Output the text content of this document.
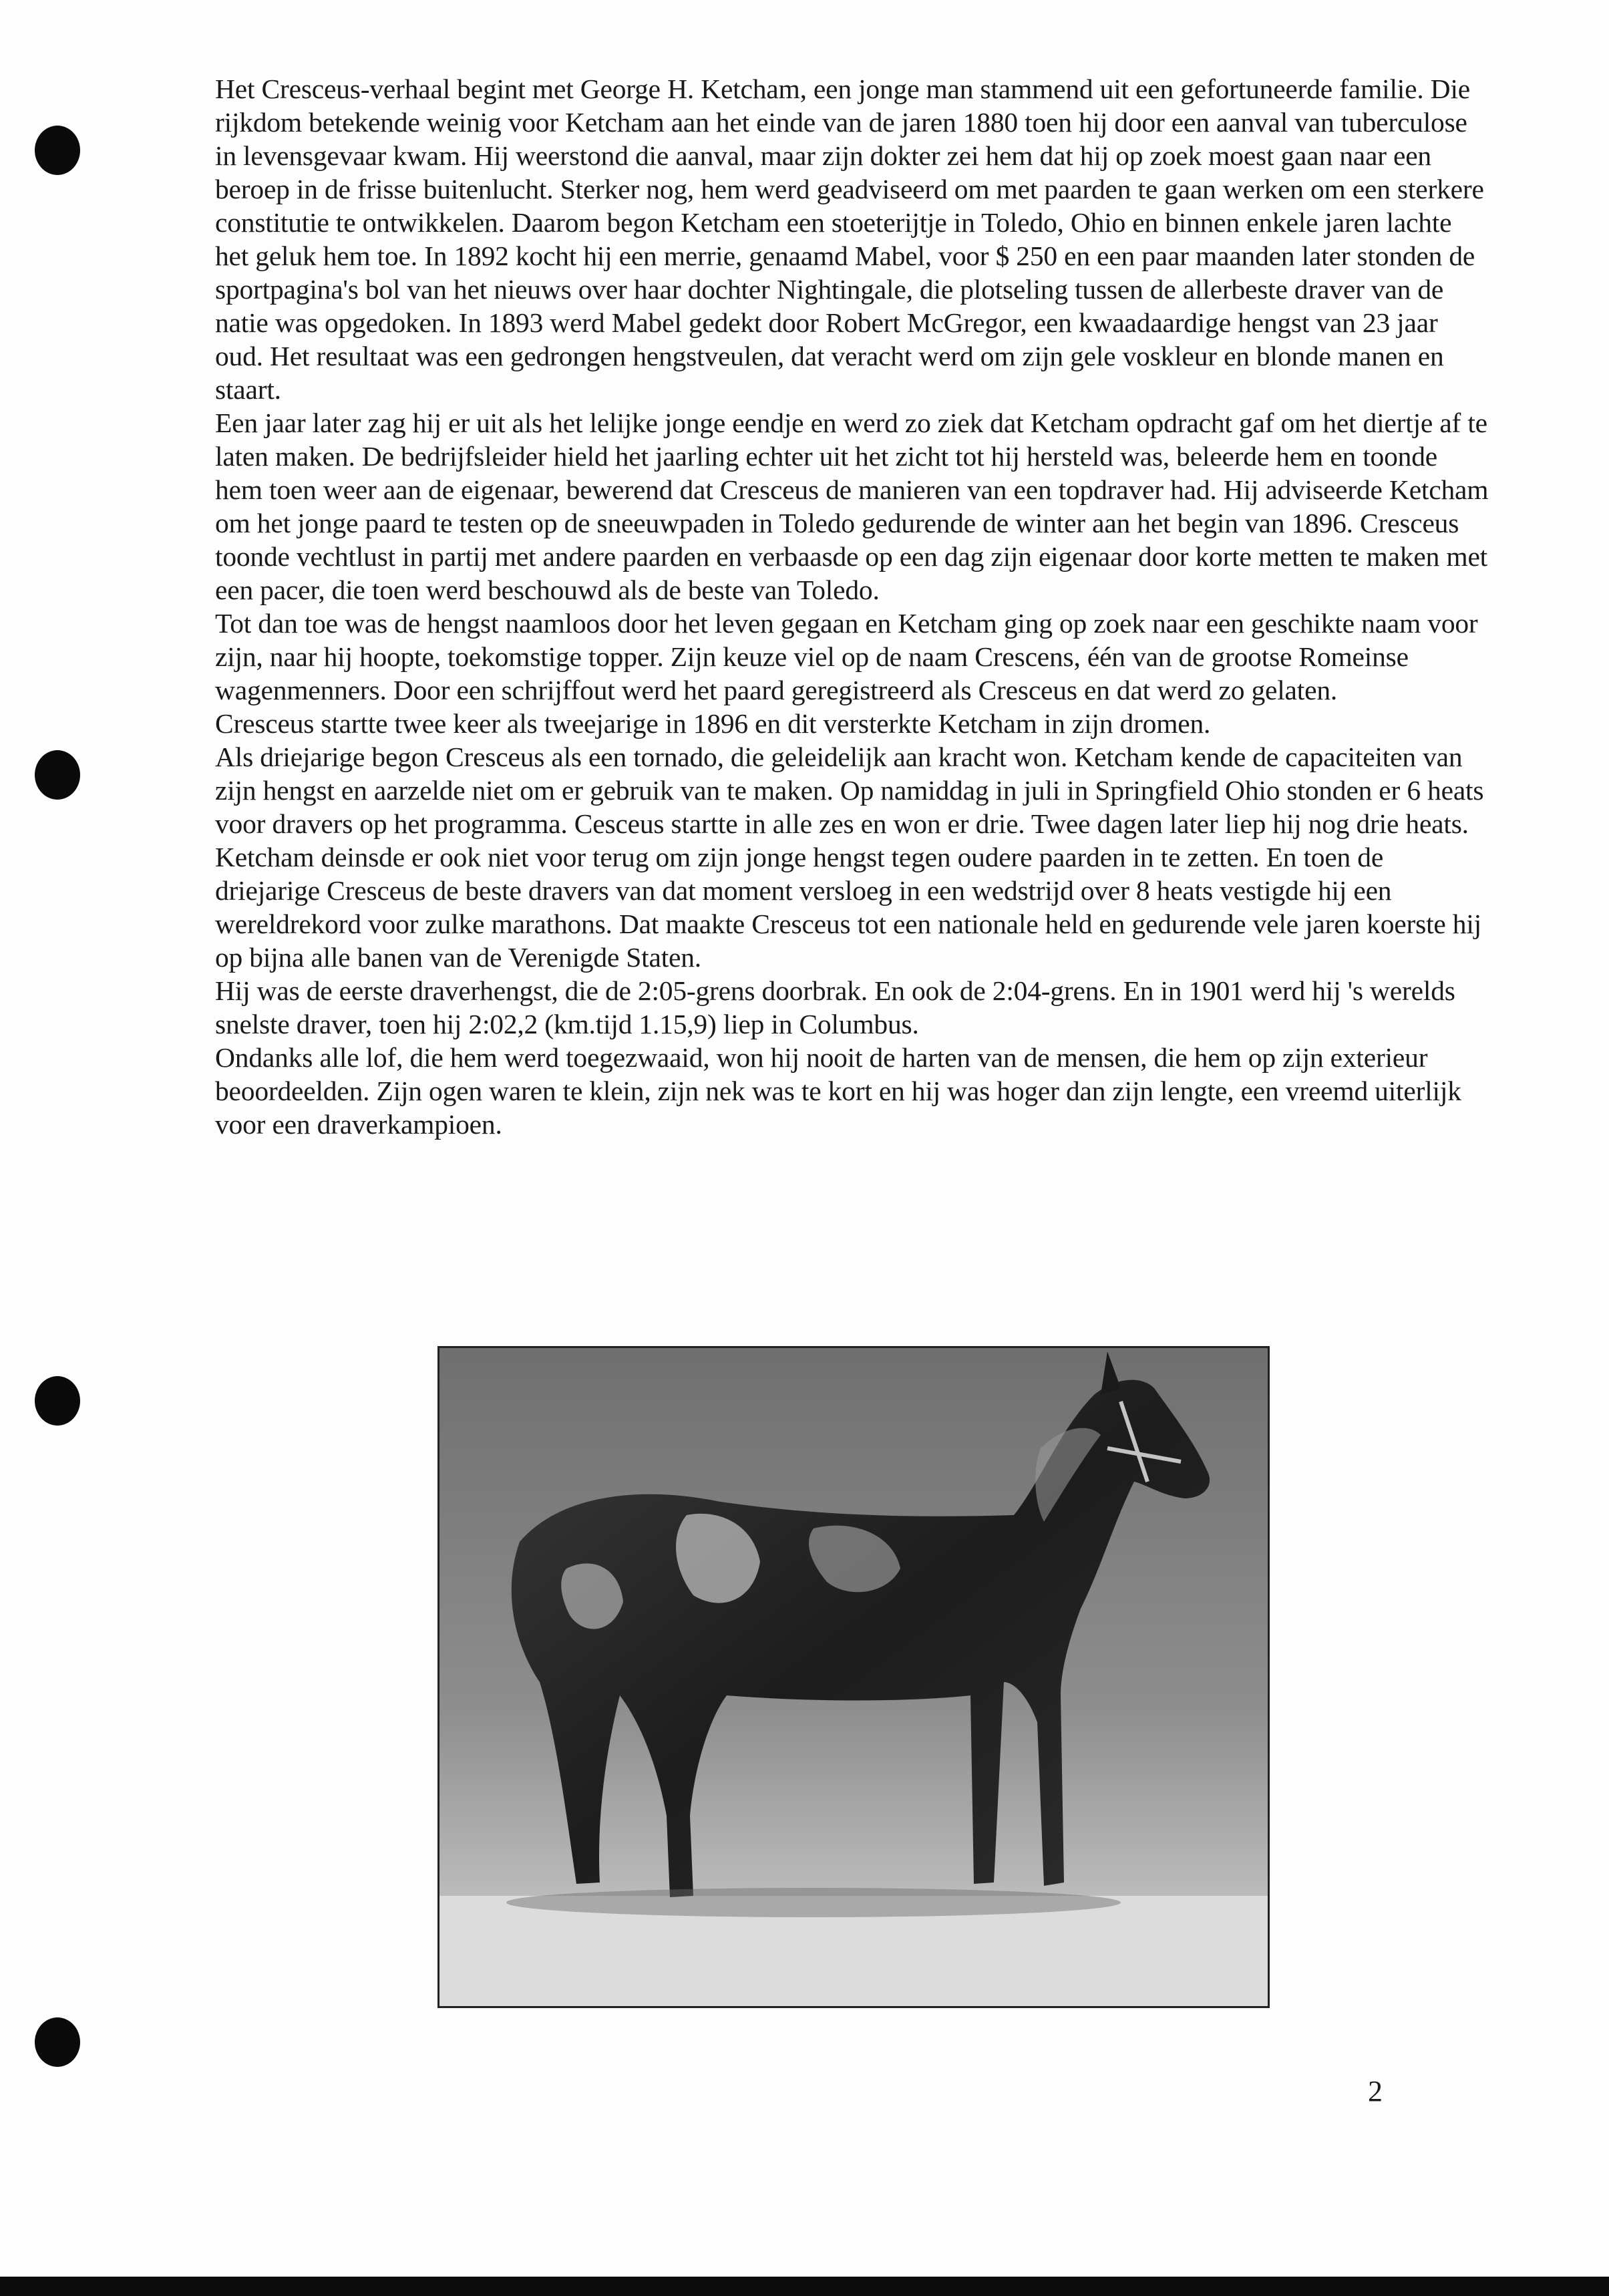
Het Cresceus-verhaal begint met George H. Ketcham, een jonge man stammend uit een gefortuneerde familie. Die rijkdom betekende weinig voor Ketcham aan het einde van de jaren 1880 toen hij door een aanval van tuberculose in levensgevaar kwam. Hij weerstond die aanval, maar zijn dokter zei hem dat hij op zoek moest gaan naar een beroep in de frisse buitenlucht. Sterker nog, hem werd geadviseerd om met paarden te gaan werken om een sterkere constitutie te ontwikkelen. Daarom begon Ketcham een stoeterijtje in Toledo, Ohio en binnen enkele jaren lachte het geluk hem toe. In 1892 kocht hij een merrie, genaamd Mabel, voor $ 250 en een paar maanden later stonden de sportpagina's bol van het nieuws over haar dochter Nightingale, die plotseling tussen de allerbeste draver van de natie was opgedoken. In 1893 werd Mabel gedekt door Robert McGregor, een kwaadaardige hengst van 23 jaar oud. Het resultaat was een gedrongen hengstveulen, dat veracht werd om zijn gele voskleur en blonde manen en staart.

Een jaar later zag hij er uit als het lelijke jonge eendje en werd zo ziek dat Ketcham opdracht gaf om het diertje af te laten maken. De bedrijfsleider hield het jaarling echter uit het zicht tot hij hersteld was, beleerde hem en toonde hem toen weer aan de eigenaar, bewerend dat Cresceus de manieren van een topdraver had. Hij adviseerde Ketcham om het jonge paard te testen op de sneeuwpaden in Toledo gedurende de winter aan het begin van 1896. Cresceus toonde vechtlust in partij met andere paarden en verbaasde op een dag zijn eigenaar door korte metten te maken met een pacer, die toen werd beschouwd als de beste van Toledo.

Tot dan toe was de hengst naamloos door het leven gegaan en Ketcham ging op zoek naar een geschikte naam voor zijn, naar hij hoopte, toekomstige topper. Zijn keuze viel op de naam Crescens, één van de grootse Romeinse wagenmenners. Door een schrijffout werd het paard geregistreerd als Cresceus en dat werd zo gelaten.

Cresceus startte twee keer als tweejarige in 1896 en dit versterkte Ketcham in zijn dromen.

Als driejarige begon Cresceus als een tornado, die geleidelijk aan kracht won. Ketcham kende de capaciteiten van zijn hengst en aarzelde niet om er gebruik van te maken. Op namiddag in juli in Springfield Ohio stonden er 6 heats voor dravers op het programma. Cesceus startte in alle zes en won er drie. Twee dagen later liep hij nog drie heats. Ketcham deinsde er ook niet voor terug om zijn jonge hengst tegen oudere paarden in te zetten. En toen de driejarige Cresceus de beste dravers van dat moment versloeg in een wedstrijd over 8 heats vestigde hij een wereldrekord voor zulke marathons. Dat maakte Cresceus tot een nationale held en gedurende vele jaren koerste hij op bijna alle banen van de Verenigde Staten.

Hij was de eerste draverhengst, die de 2:05-grens doorbrak. En ook de 2:04-grens. En in 1901 werd hij 's werelds snelste draver, toen hij 2:02,2 (km.tijd 1.15,9) liep in Columbus.

Ondanks alle lof, die hem werd toegezwaaid, won hij nooit de harten van de mensen, die hem op zijn exterieur beoordeelden. Zijn ogen waren te klein, zijn nek was te kort en hij was hoger dan zijn lengte, een vreemd uiterlijk voor een draverkampioen.

2
